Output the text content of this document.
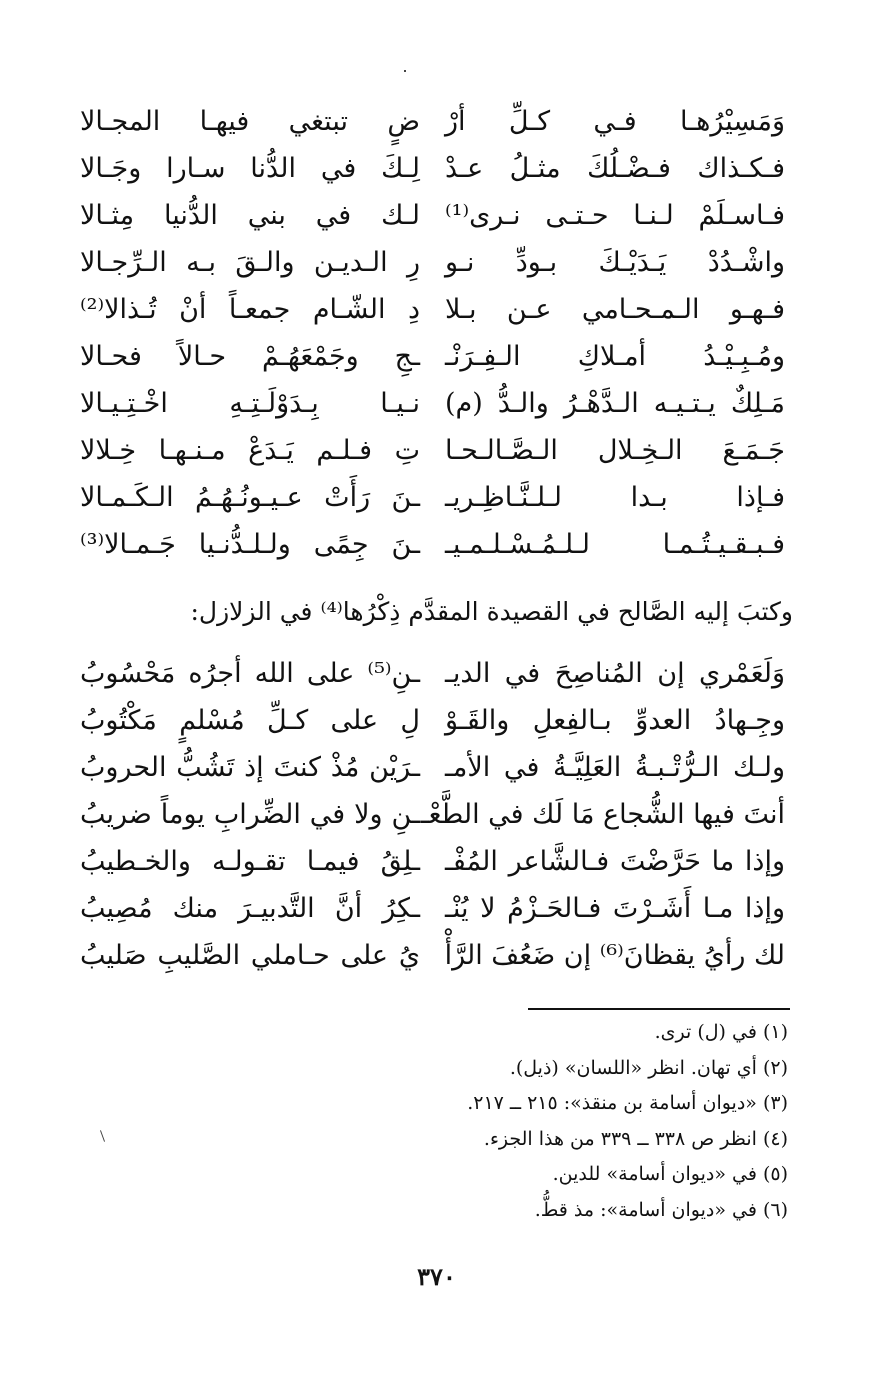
وَمَسِيْرُهـا فـي كـلِّ أرْ
ضٍ تبتغي فيهـا المجـالا
فـكـذاك فـضْـلُكَ مثـلُ عـدْ
لِـكَ في الدُّنا سـارا وجَـالا
فـاسـلَمْ لـنـا حـتـى نـرى⁽¹⁾
لـك في بني الدُّنيا مِثـالا
واشْـدُدْ يَـدَيْـكَ بـودِّ نـو
رِ الـديـن والـقَ بـه الـرِّجـالا
فـهـو الـمـحـامي عـن بـلا
دِ الشّـام جمعـاً أنْ تُـذالا⁽²⁾
ومُـبِـيْـدُ أمـلاكِ الـفِـرَنْـ
ـجِ وجَمْعَهُـمْ حـالاً فحـالا
مَـلِكٌ يـتـيـه الـدَّهْـرُ والـدُّ (م)
نـيـا بِـدَوْلَـتِـهِ اخْـتِـيـالا
جَـمَـعَ الـخِـلال الـصَّـالـحـا
تِ فـلـم يَـدَعْ مـنـهـا خِـلالا
فـإذا بـدا لـلـنَّـاظِـريـ
ـنَ رَأَتْ عـيـونُـهُـمُ الـكَـمـالا
فـبـقـيـتُـمـا لـلـمُـسْـلـمـيـ
ـنَ جِمًى ولـلـدُّنـيا جَـمـالا⁽³⁾
وكتبَ إليه الصَّالح في القصيدة المقدَّم ذِكْرُها⁽⁴⁾ في الزلازل:
وَلَعَمْري إن المُناصِحَ في الديـ
ـنِ⁽⁵⁾ على الله أجرُه مَحْسُوبُ
وجِـهادُ العدوِّ بـالفِعلِ والقَـوْ
لِ على كـلِّ مُسْلمٍ مَكْتُوبُ
ولـك الـرُّتْـبـةُ العَلِيَّـةُ في الأمـ
ـرَيْن مُذْ كنتَ إذ تَشُبُّ الحروبُ
أنتَ فيها الشُّجاع مَا لَك في الطَّعْـ
ـنِ ولا في الضِّرابِ يوماً ضريبُ
وإذا ما حَرَّضْتَ فـالشَّاعر المُفْـ
ـلِقُ فيمـا تقـولـه والخـطيبُ
وإذا مـا أَشَـرْتَ فـالحَـزْمُ لا يُنْـ
ـكِرُ أنَّ التَّدبيـرَ منك مُصِيبُ
لك رأيُ يقظانَ⁽⁶⁾ إن ضَعُفَ الرَّأْ
يُ على حـاملي الصَّليبِ صَليبُ
(١) في (ل) ترى.
(٢) أي تهان. انظر «اللسان» (ذيل).
(٣) «ديوان أسامة بن منقذ»: ٢١٥ ــ ٢١٧.
(٤) انظر ص ٣٣٨ ــ ٣٣٩ من هذا الجزء.
(٥) في «ديوان أسامة» للدين.
(٦) في «ديوان أسامة»: مذ قطُّ.
٣٧٠
